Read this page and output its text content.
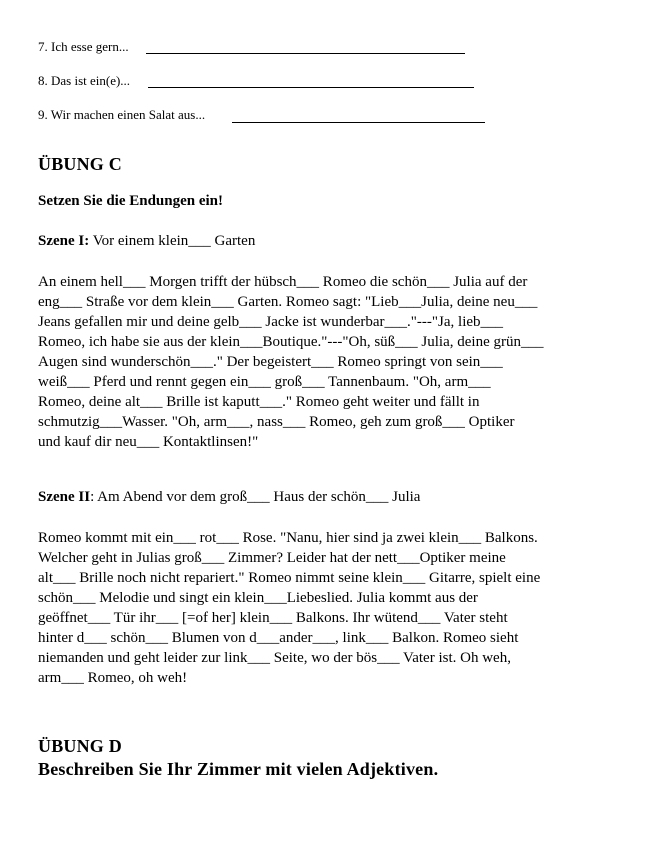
7. Ich esse gern...
8. Das ist ein(e)...
9. Wir machen einen Salat aus...
ÜBUNG C
Setzen Sie die Endungen ein!
Szene I: Vor einem klein___ Garten
An einem hell___ Morgen trifft der hübsch___ Romeo die schön___ Julia auf der
eng___ Straße vor dem klein___ Garten. Romeo sagt: "Lieb___Julia, deine neu___
Jeans gefallen mir und deine gelb___ Jacke ist wunderbar___."---"Ja, lieb___
Romeo, ich habe sie aus der klein___Boutique."---"Oh, süß___ Julia, deine grün___
Augen sind wunderschön___." Der begeistert___ Romeo springt von sein___
weiß___ Pferd und rennt gegen ein___ groß___ Tannenbaum. "Oh, arm___
Romeo, deine alt___ Brille ist kaputt___." Romeo geht weiter und fällt in
schmutzig___Wasser. "Oh, arm___, nass___ Romeo, geh zum groß___ Optiker
und kauf dir neu___ Kontaktlinsen!"
Szene II: Am Abend vor dem groß___ Haus der schön___ Julia
Romeo kommt mit ein___ rot___ Rose. "Nanu, hier sind ja zwei klein___ Balkons.
Welcher geht in Julias groß___ Zimmer? Leider hat der nett___Optiker meine
alt___ Brille noch nicht repariert." Romeo nimmt seine klein___ Gitarre, spielt eine
schön___ Melodie und singt ein klein___Liebeslied. Julia kommt aus der
geöffnet___ Tür ihr___ [=of her] klein___ Balkons. Ihr wütend___ Vater steht
hinter d___ schön___ Blumen von d___ander___, link___ Balkon. Romeo sieht
niemanden und geht leider zur link___ Seite, wo der bös___ Vater ist. Oh weh,
arm___ Romeo, oh weh!
ÜBUNG D
Beschreiben Sie Ihr Zimmer mit vielen Adjektiven.
